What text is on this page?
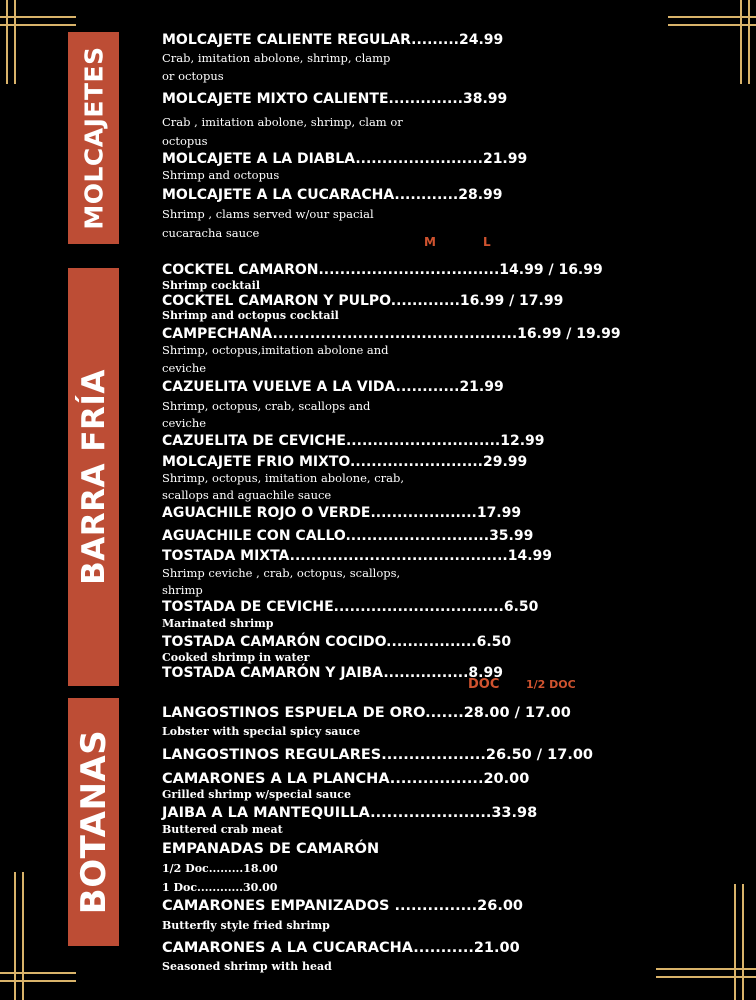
MOLCAJETES
BARRA FRÍA
BOTANAS
M	L
DOC 1/2 DOC
MOLCAJETE CALIENTE REGULAR.........24.99
Crab, imitation abolone, shrimp, clamp
or octopus
MOLCAJETE MIXTO CALIENTE..............38.99
Crab , imitation abolone, shrimp, clam or
octopus
MOLCAJETE A LA DIABLA........................21.99
Shrimp and octopus
MOLCAJETE A LA CUCARACHA............28.99
Shrimp , clams served w/our spacial
cucaracha sauce
COCKTEL CAMARON..................................14.99 / 16.99
Shrimp cocktail
COCKTEL CAMARON Y PULPO.............16.99 / 17.99
Shrimp and octopus cocktail
CAMPECHANA..............................................16.99 / 19.99
Shrimp, octopus,imitation abolone and
ceviche
CAZUELITA VUELVE A LA VIDA............21.99
Shrimp, octopus, crab, scallops and
ceviche
CAZUELITA DE CEVICHE.............................12.99
MOLCAJETE FRIO MIXTO.........................29.99
Shrimp, octopus, imitation abolone, crab,
scallops and aguachile sauce
AGUACHILE ROJO O VERDE....................17.99
AGUACHILE CON CALLO...........................35.99
TOSTADA MIXTA.........................................14.99
Shrimp ceviche , crab, octopus, scallops,
shrimp
TOSTADA DE CEVICHE................................6.50
Marinated shrimp
TOSTADA CAMARÓN COCIDO.................6.50
Cooked shrimp in water
TOSTADA CAMARÓN Y JAIBA................8.99
LANGOSTINOS ESPUELA DE ORO.......28.00 / 17.00
Lobster with special spicy sauce
LANGOSTINOS REGULARES...................26.50 / 17.00
CAMARONES A LA PLANCHA.................20.00
Grilled shrimp w/special sauce
JAIBA A LA MANTEQUILLA......................33.98
Buttered crab meat
EMPANADAS DE CAMARÓN
1/2 Doc.........18.00
1 Doc............30.00
CAMARONES EMPANIZADOS ...............26.00
Butterfly style fried shrimp
CAMARONES A LA CUCARACHA...........21.00
Seasoned shrimp with head
